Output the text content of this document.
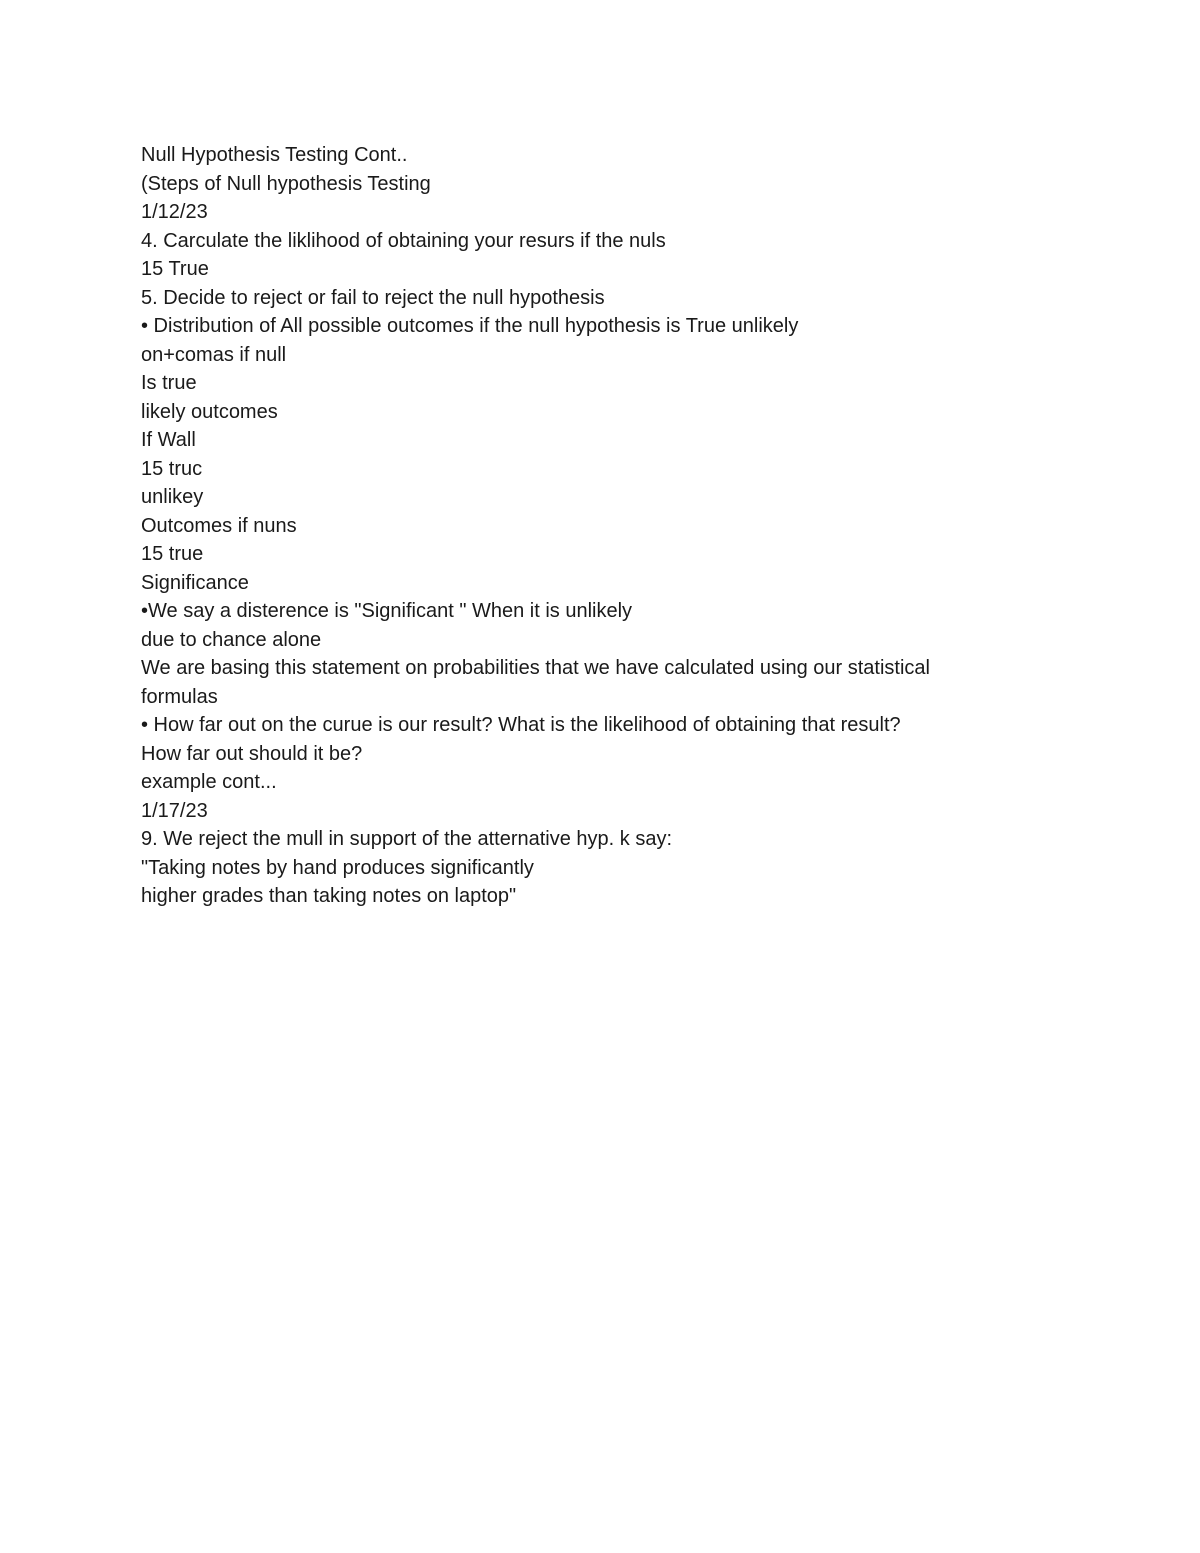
Null Hypothesis Testing Cont..
(Steps of Null hypothesis Testing
1/12/23
4. Carculate the liklihood of obtaining your resurs if the nuls
15 True
5. Decide to reject or fail to reject the null hypothesis
• Distribution of All possible outcomes if the null hypothesis is True unlikely
on+comas if null
Is true
likely outcomes
If Wall
15 truc
unlikey
Outcomes if nuns
15 true
Significance
•We say a disterence is "Significant " When it is unlikely
due to chance alone
We are basing this statement on probabilities that we have calculated using our statistical
formulas
• How far out on the curue is our result? What is the likelihood of obtaining that result?
How far out should it be?
example cont...
1/17/23
9. We reject the mull in support of the atternative hyp. k say:
"Taking notes by hand produces significantly
higher grades than taking notes on laptop"
